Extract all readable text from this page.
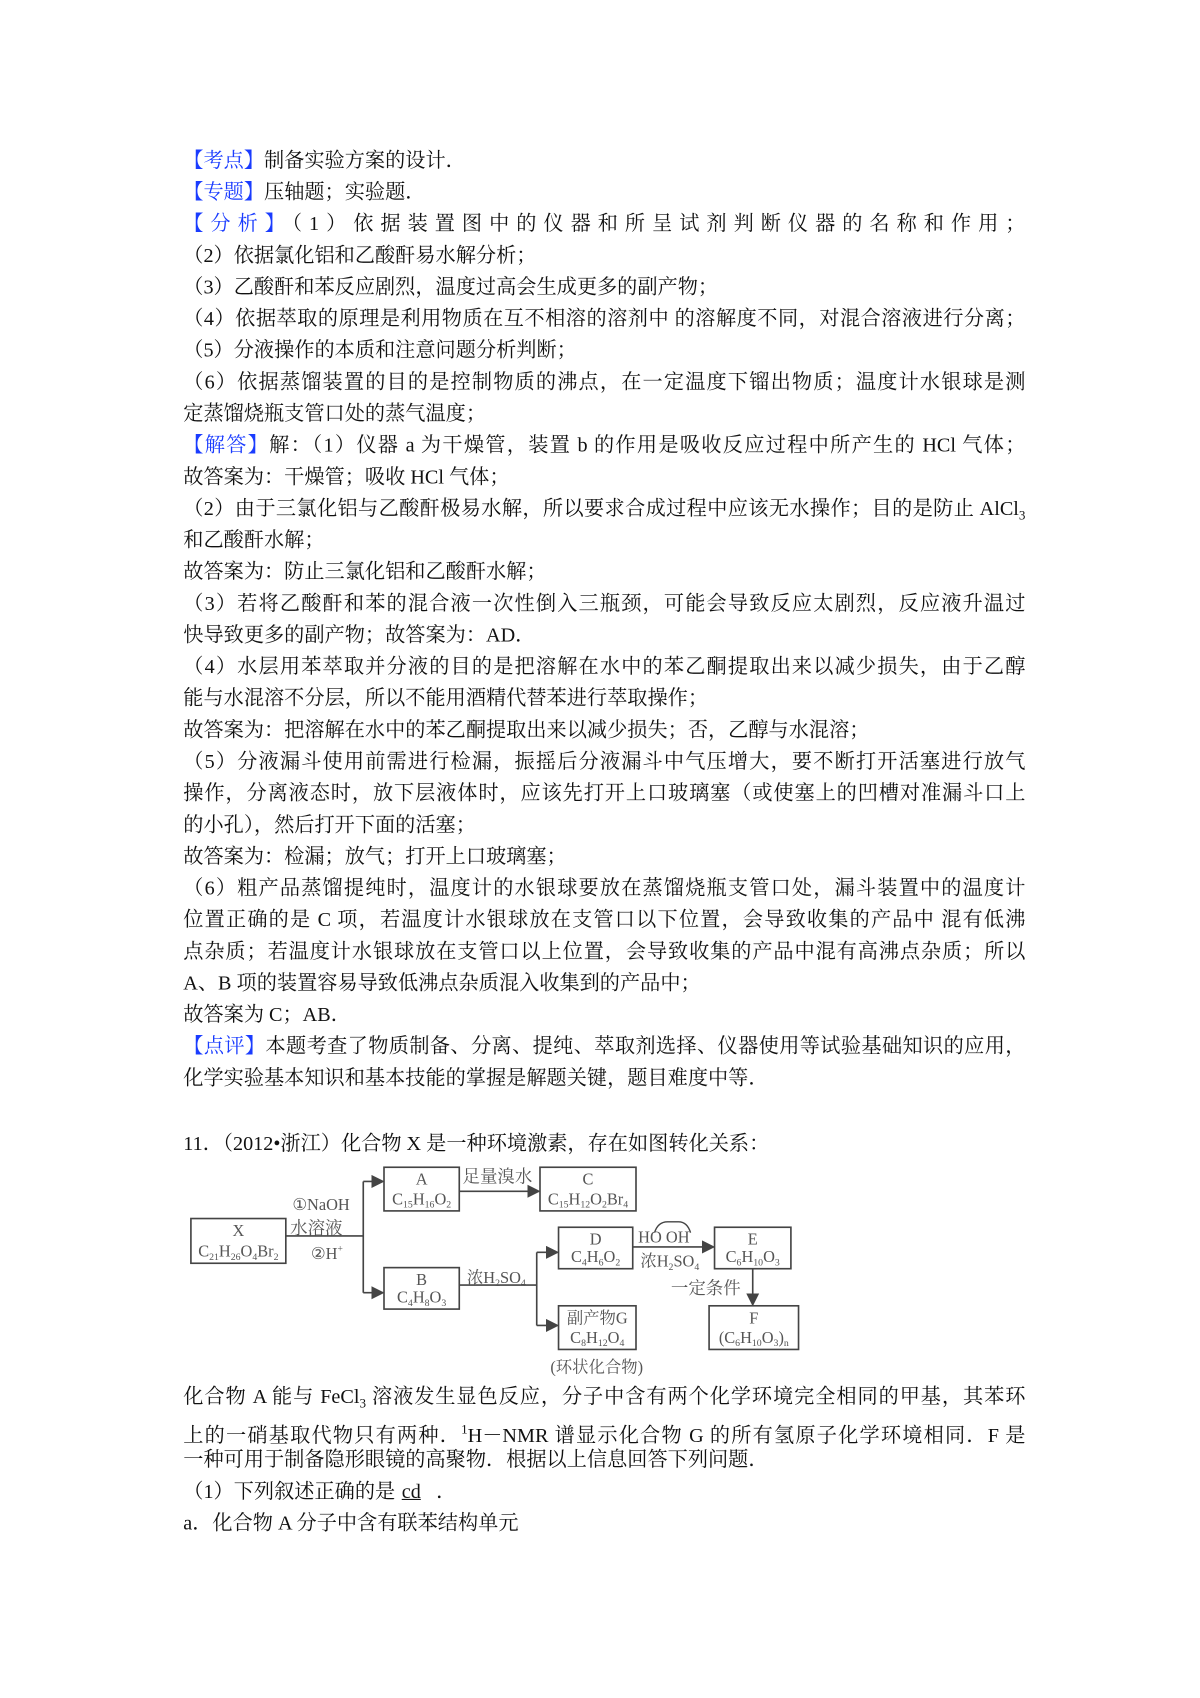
【考点】制备实验方案的设计．
【专题】压轴题；实验题．
【分析】（1）依据装置图中的仪器和所呈试剂判断仪器的名称和作用；
（2）依据氯化铝和乙酸酐易水解分析；
（3）乙酸酐和苯反应剧烈，温度过高会生成更多的副产物；
（4）依据萃取的原理是利用物质在互不相溶的溶剂中 的溶解度不同，对混合溶液进行分离；
（5）分液操作的本质和注意问题分析判断；
（6）依据蒸馏装置的目的是控制物质的沸点，在一定温度下镏出物质；温度计水银球是测
定蒸馏烧瓶支管口处的蒸气温度；
【解答】解：（1）仪器 a 为干燥管，装置 b 的作用是吸收反应过程中所产生的 HCl 气体；
故答案为：干燥管；吸收 HCl 气体；
（2）由于三氯化铝与乙酸酐极易水解，所以要求合成过程中应该无水操作；目的是防止 AlCl$_3$
和乙酸酐水解；
故答案为：防止三氯化铝和乙酸酐水解；
（3）若将乙酸酐和苯的混合液一次性倒入三瓶颈，可能会导致反应太剧烈，反应液升温过
快导致更多的副产物；故答案为：AD．
（4）水层用苯萃取并分液的目的是把溶解在水中的苯乙酮提取出来以减少损失，由于乙醇
能与水混溶不分层，所以不能用酒精代替苯进行萃取操作；
故答案为：把溶解在水中的苯乙酮提取出来以减少损失；否，乙醇与水混溶；
（5）分液漏斗使用前需进行检漏，振摇后分液漏斗中气压增大，要不断打开活塞进行放气
操作，分离液态时，放下层液体时，应该先打开上口玻璃塞（或使塞上的凹槽对准漏斗口上
的小孔），然后打开下面的活塞；
故答案为：检漏；放气；打开上口玻璃塞；
（6）粗产品蒸馏提纯时，温度计的水银球要放在蒸馏烧瓶支管口处，漏斗装置中的温度计
位置正确的是 C 项，若温度计水银球放在支管口以下位置，会导致收集的产品中 混有低沸
点杂质；若温度计水银球放在支管口以上位置，会导致收集的产品中混有高沸点杂质；所以
A、B 项的装置容易导致低沸点杂质混入收集到的产品中；
故答案为 C；AB．
【点评】本题考查了物质制备、分离、提纯、萃取剂选择、仪器使用等试验基础知识的应用，
化学实验基本知识和基本技能的掌握是解题关键，题目难度中等．
11．（2012•浙江）化合物 X 是一种环境激素，存在如图转化关系：
X
$C_{21}H_{26}O_4Br_2$
A
$C_{15}H_{16}O_2$
C
$C_{15}H_{12}O_2Br_4$
B
$C_4H_8O_3$
D
$C_4H_6O_2$
E
$C_6H_{10}O_3$
副产物G
$C_8H_{12}O_4$
F
$(C_6H_{10}O_3)_n$
①NaOH
水溶液
②H+
足量溴水
浓$H_2SO_4$
HO OH
浓$H_2SO_4$
一定条件
(环状化合物)
化合物 A 能与 FeCl$_3$ 溶液发生显色反应，分子中含有两个化学环境完全相同的甲基，其苯环
上的一硝基取代物只有两种．$^1$H－NMR 谱显示化合物 G 的所有氢原子化学环境相同．F 是
一种可用于制备隐形眼镜的高聚物．根据以上信息回答下列问题．
（1）下列叙述正确的是 cd ．
a．化合物 A 分子中含有联苯结构单元
